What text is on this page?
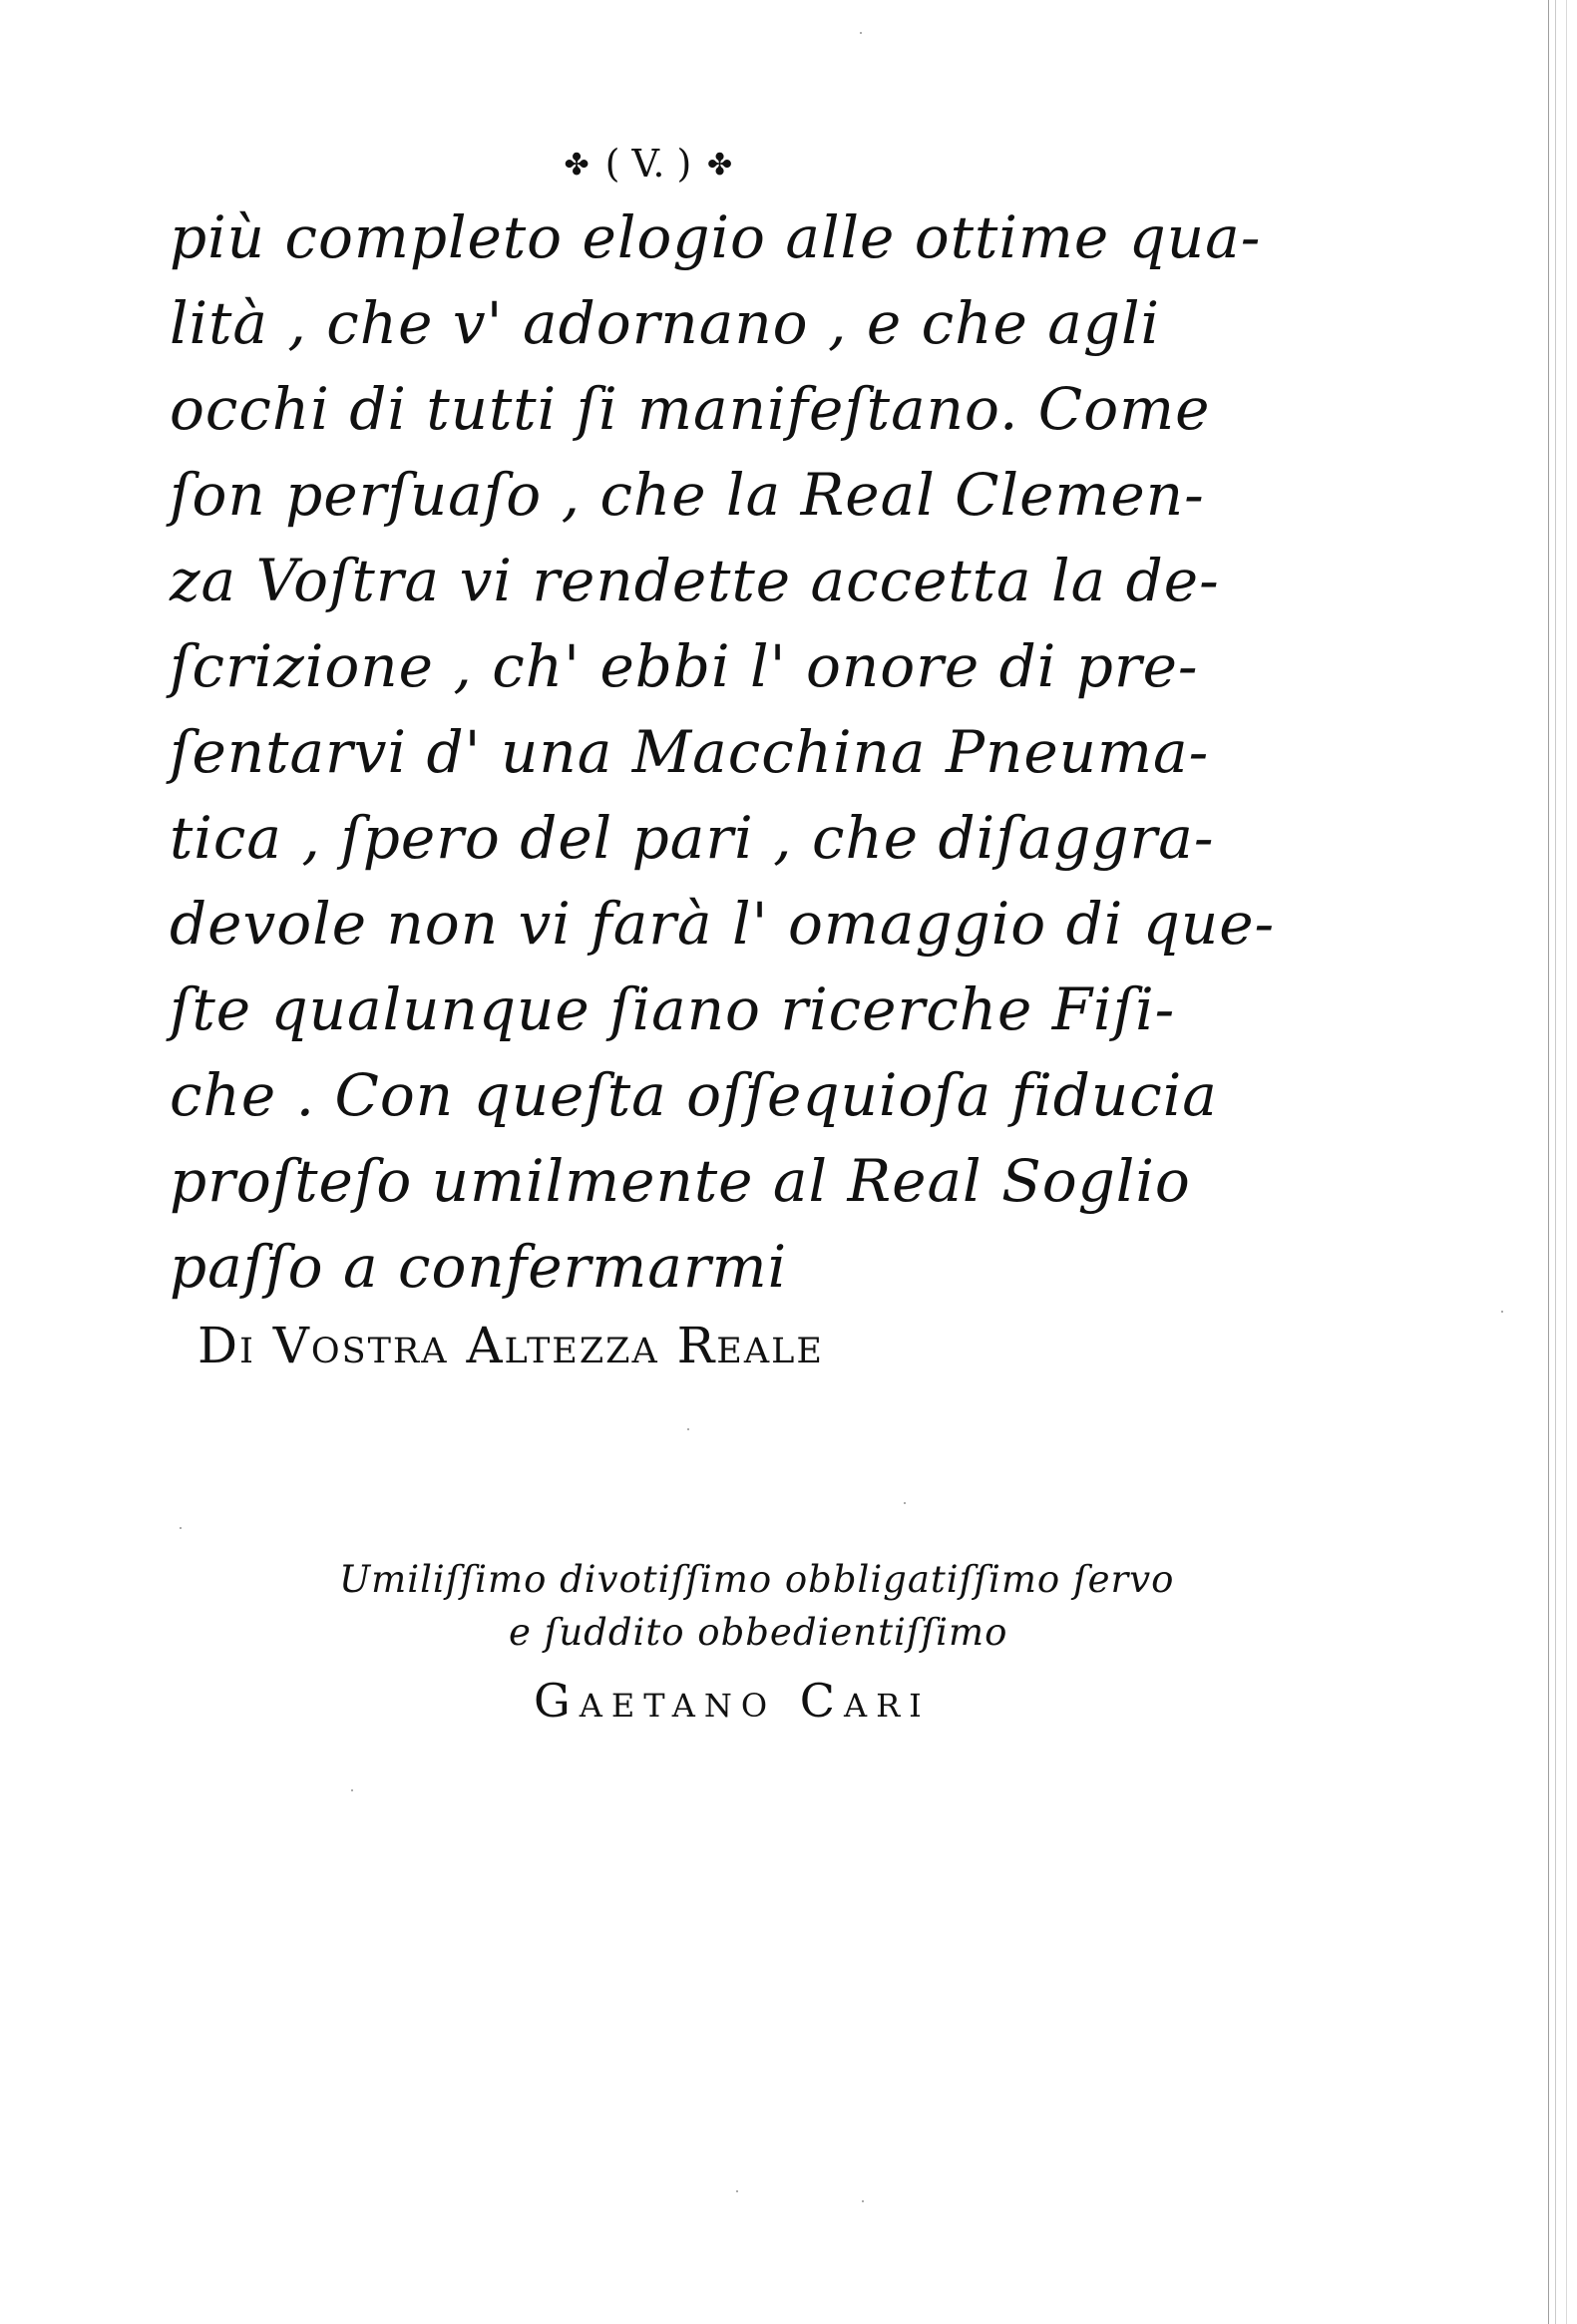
✤ ( V. ) ✤
più completo elogio alle ottime qua-
lità , che v' adornano , e che agli
occhi di tutti ſi manifeſtano. Come
ſon perſuaſo , che la Real Clemen-
za Voſtra vi rendette accetta la de-
ſcrizione , ch' ebbi l' onore di pre-
ſentarvi d' una Macchina Pneuma-
tica , ſpero del pari , che diſaggra-
devole non vi farà l' omaggio di que-
ſte qualunque ſiano ricerche Fiſi-
che . Con queſta oſſequioſa fiducia
proſteſo umilmente al Real Soglio
paſſo a confermarmi
Di Vostra Altezza Reale
Umiliſſimo divotiſſimo obbligatiſſimo ſervo
e ſuddito obbedientiſſimo
Gaetano Cari
